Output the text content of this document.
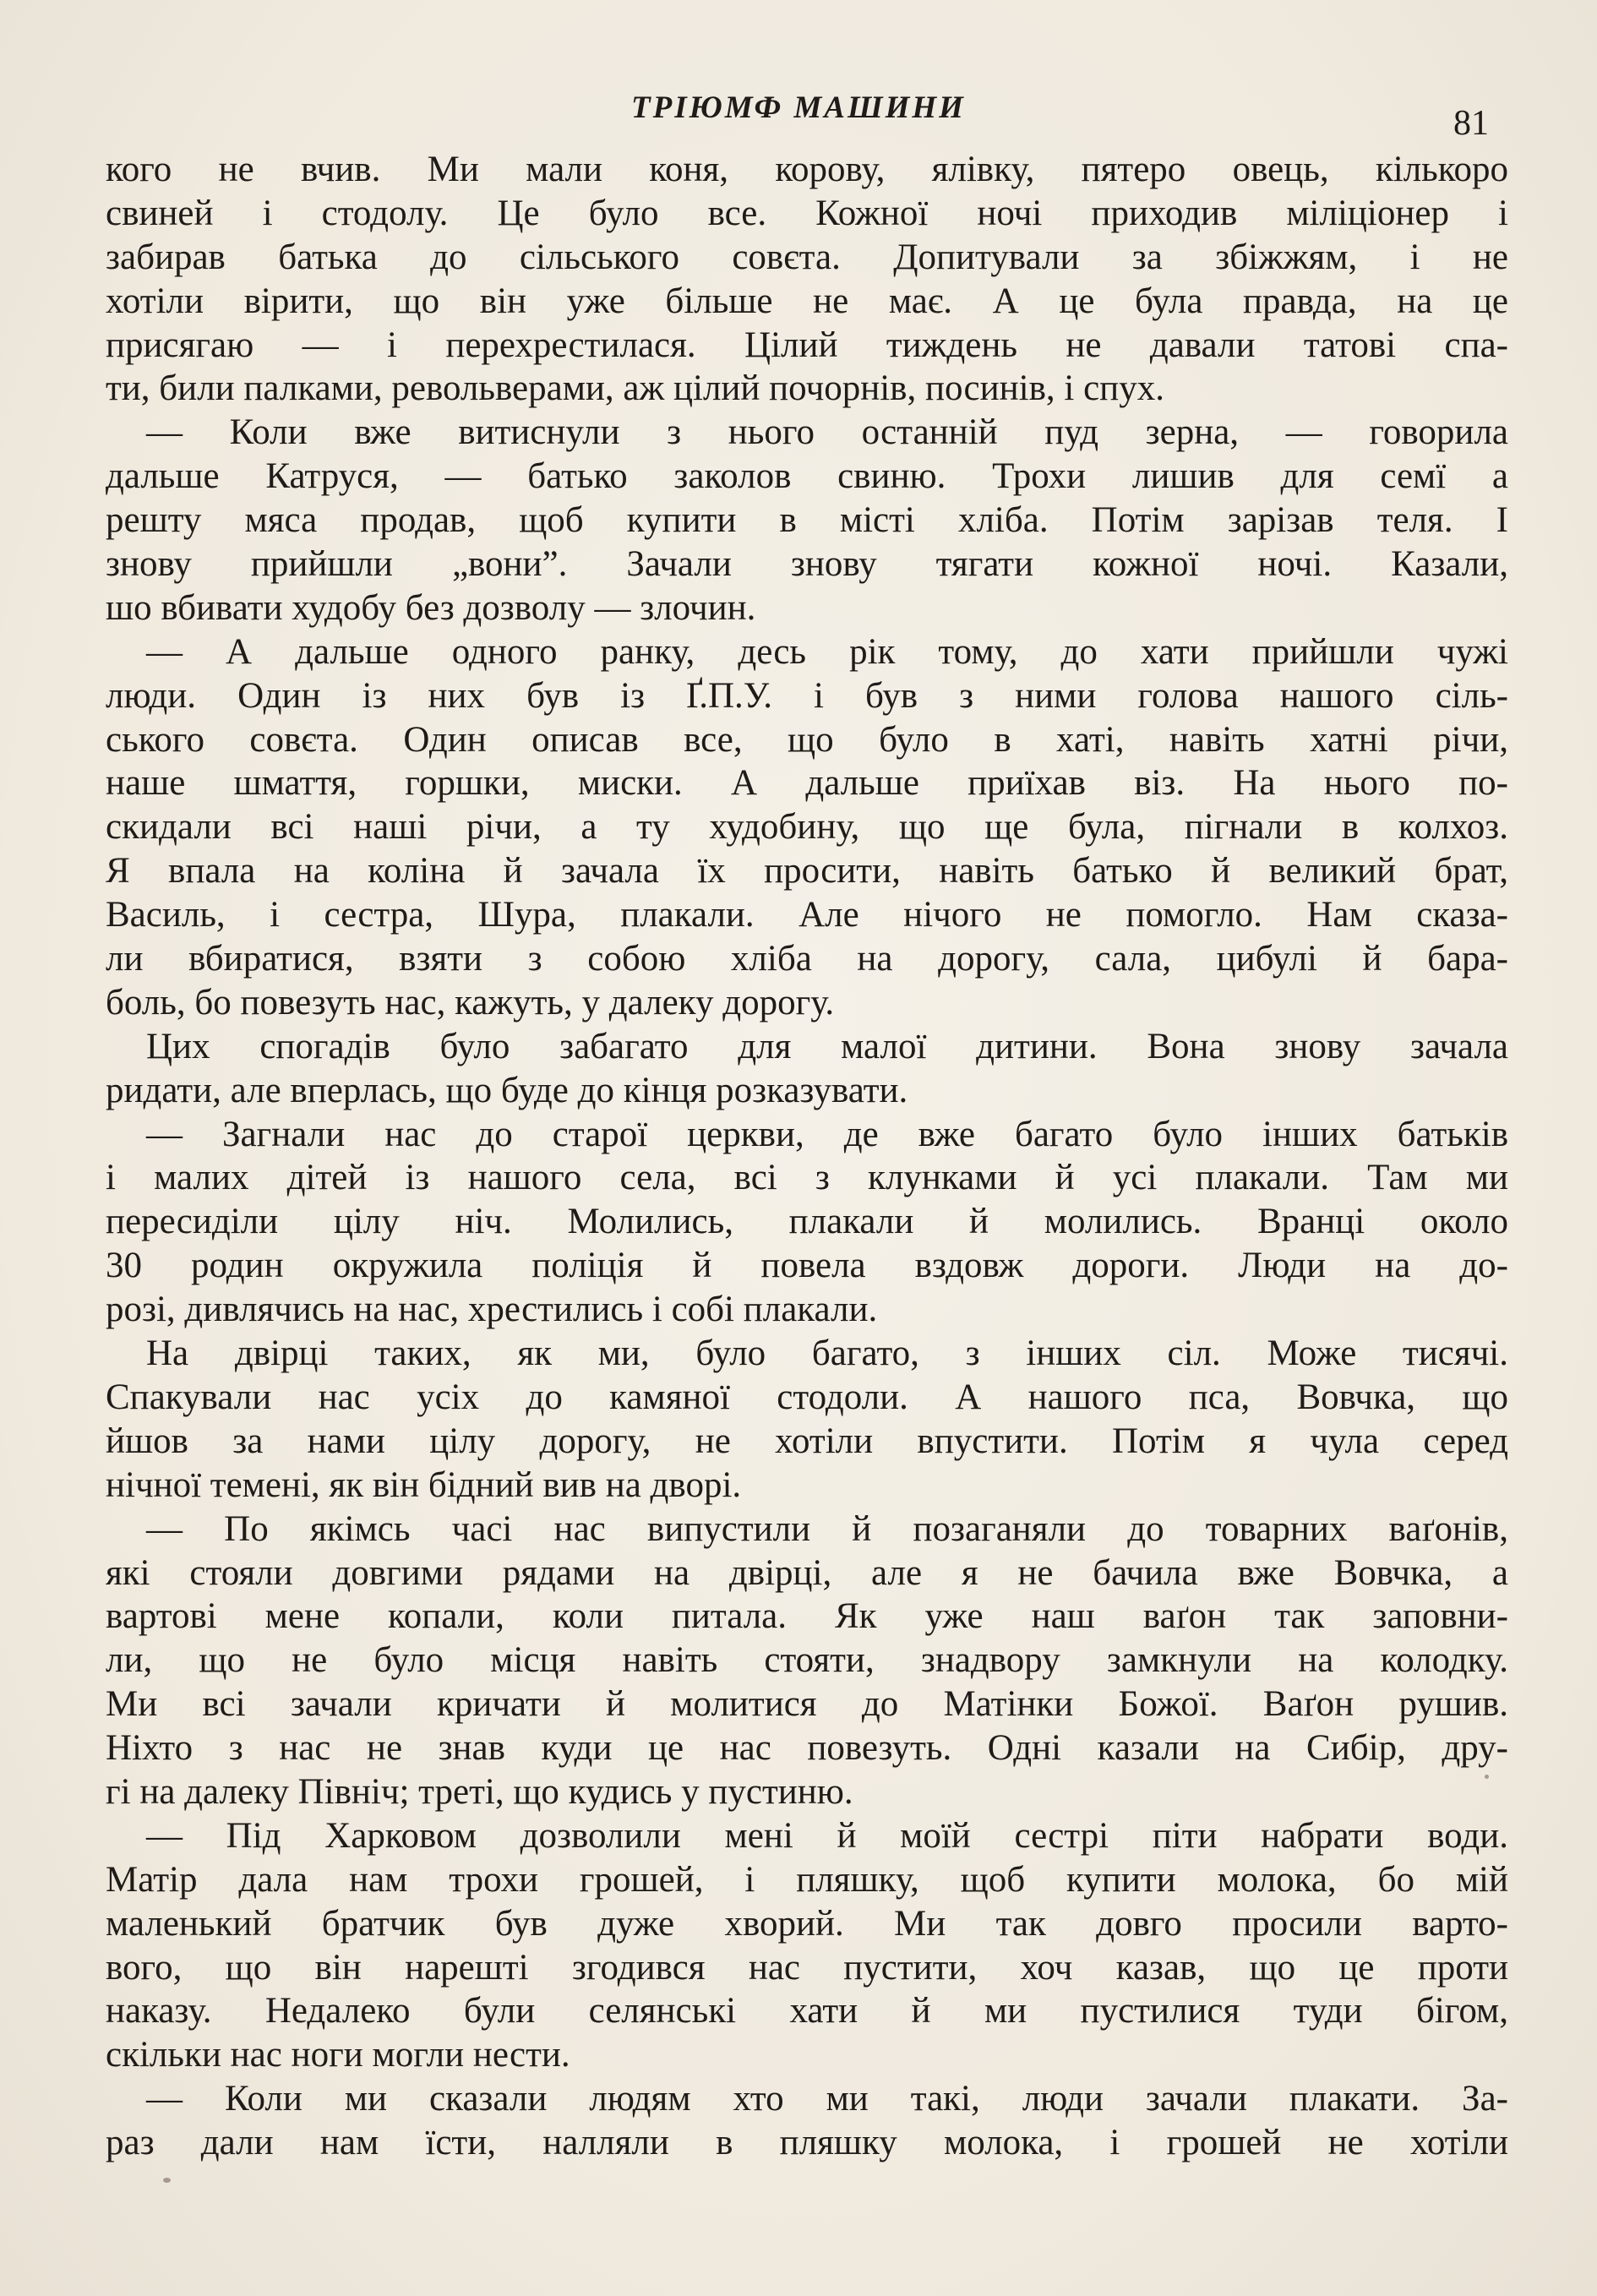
ТРІЮМФ МАШИНИ	81
кого не вчив. Ми мали коня, корову, ялівку, пятеро овець, кількоро
свиней і стодолу. Це було все. Кожної ночі приходив міліціонер і
забирав батька до сільського совєта. Допитували за збіжжям, і не
хотіли вірити, що він уже більше не має. А це була правда, на це
присягаю — і перехрестилася. Цілий тиждень не давали татові спа-
ти, били палками, револьверами, аж цілий почорнів, посинів, і спух.
— Коли вже витиснули з нього останній пуд зерна, — говорила
дальше Катруся, — батько заколов свиню. Трохи лишив для семї а
решту мяса продав, щоб купити в місті хліба. Потім зарізав теля. І
знову прийшли „вони”. Зачали знову тягати кожної ночі. Казали,
шо вбивати худобу без дозволу — злочин.
— А дальше одного ранку, десь рік тому, до хати прийшли чужі
люди. Один із них був із Ґ.П.У. і був з ними голова нашого сіль-
ського совєта. Один описав все, що було в хаті, навіть хатні річи,
наше шмаття, горшки, миски. А дальше приїхав віз. На нього по-
скидали всі наші річи, а ту худобину, що ще була, пігнали в колхоз.
Я впала на коліна й зачала їх просити, навіть батько й великий брат,
Василь, і сестра, Шура, плакали. Але нічого не помогло. Нам сказа-
ли вбиратися, взяти з собою хліба на дорогу, сала, цибулі й бара-
боль, бо повезуть нас, кажуть, у далеку дорогу.
Цих спогадів було забагато для малої дитини. Вона знову зачала
ридати, але вперлась, що буде до кінця розказувати.
— Загнали нас до старої церкви, де вже багато було інших батьків
і малих дітей із нашого села, всі з клунками й усі плакали. Там ми
пересиділи цілу ніч. Молились, плакали й молились. Вранці около
30 родин окружила поліція й повела вздовж дороги. Люди на до-
розі, дивлячись на нас, хрестились і собі плакали.
На двірці таких, як ми, було багато, з інших сіл. Може тисячі.
Спакували нас усіх до камяної стодоли. А нашого пса, Вовчка, що
йшов за нами цілу дорогу, не хотіли впустити. Потім я чула серед
нічної темені, як він бідний вив на дворі.
— По якімсь часі нас випустили й позаганяли до товарних ваґонів,
які стояли довгими рядами на двірці, але я не бачила вже Вовчка, а
вартові мене копали, коли питала. Як уже наш ваґон так заповни-
ли, що не було місця навіть стояти, знадвору замкнули на колодку.
Ми всі зачали кричати й молитися до Матінки Божої. Ваґон рушив.
Ніхто з нас не знав куди це нас повезуть. Одні казали на Сибір, дру-
гі на далеку Північ; треті, що кудись у пустиню.
— Під Харковом дозволили мені й моїй сестрі піти набрати води.
Матір дала нам трохи грошей, і пляшку, щоб купити молока, бо мій
маленький братчик був дуже хворий. Ми так довго просили варто-
вого, що він нарешті згодився нас пустити, хоч казав, що це проти
наказу. Недалеко були селянські хати й ми пустилися туди бігом,
скільки нас ноги могли нести.
— Коли ми сказали людям хто ми такі, люди зачали плакати. За-
раз дали нам їсти, налляли в пляшку молока, і грошей не хотіли
